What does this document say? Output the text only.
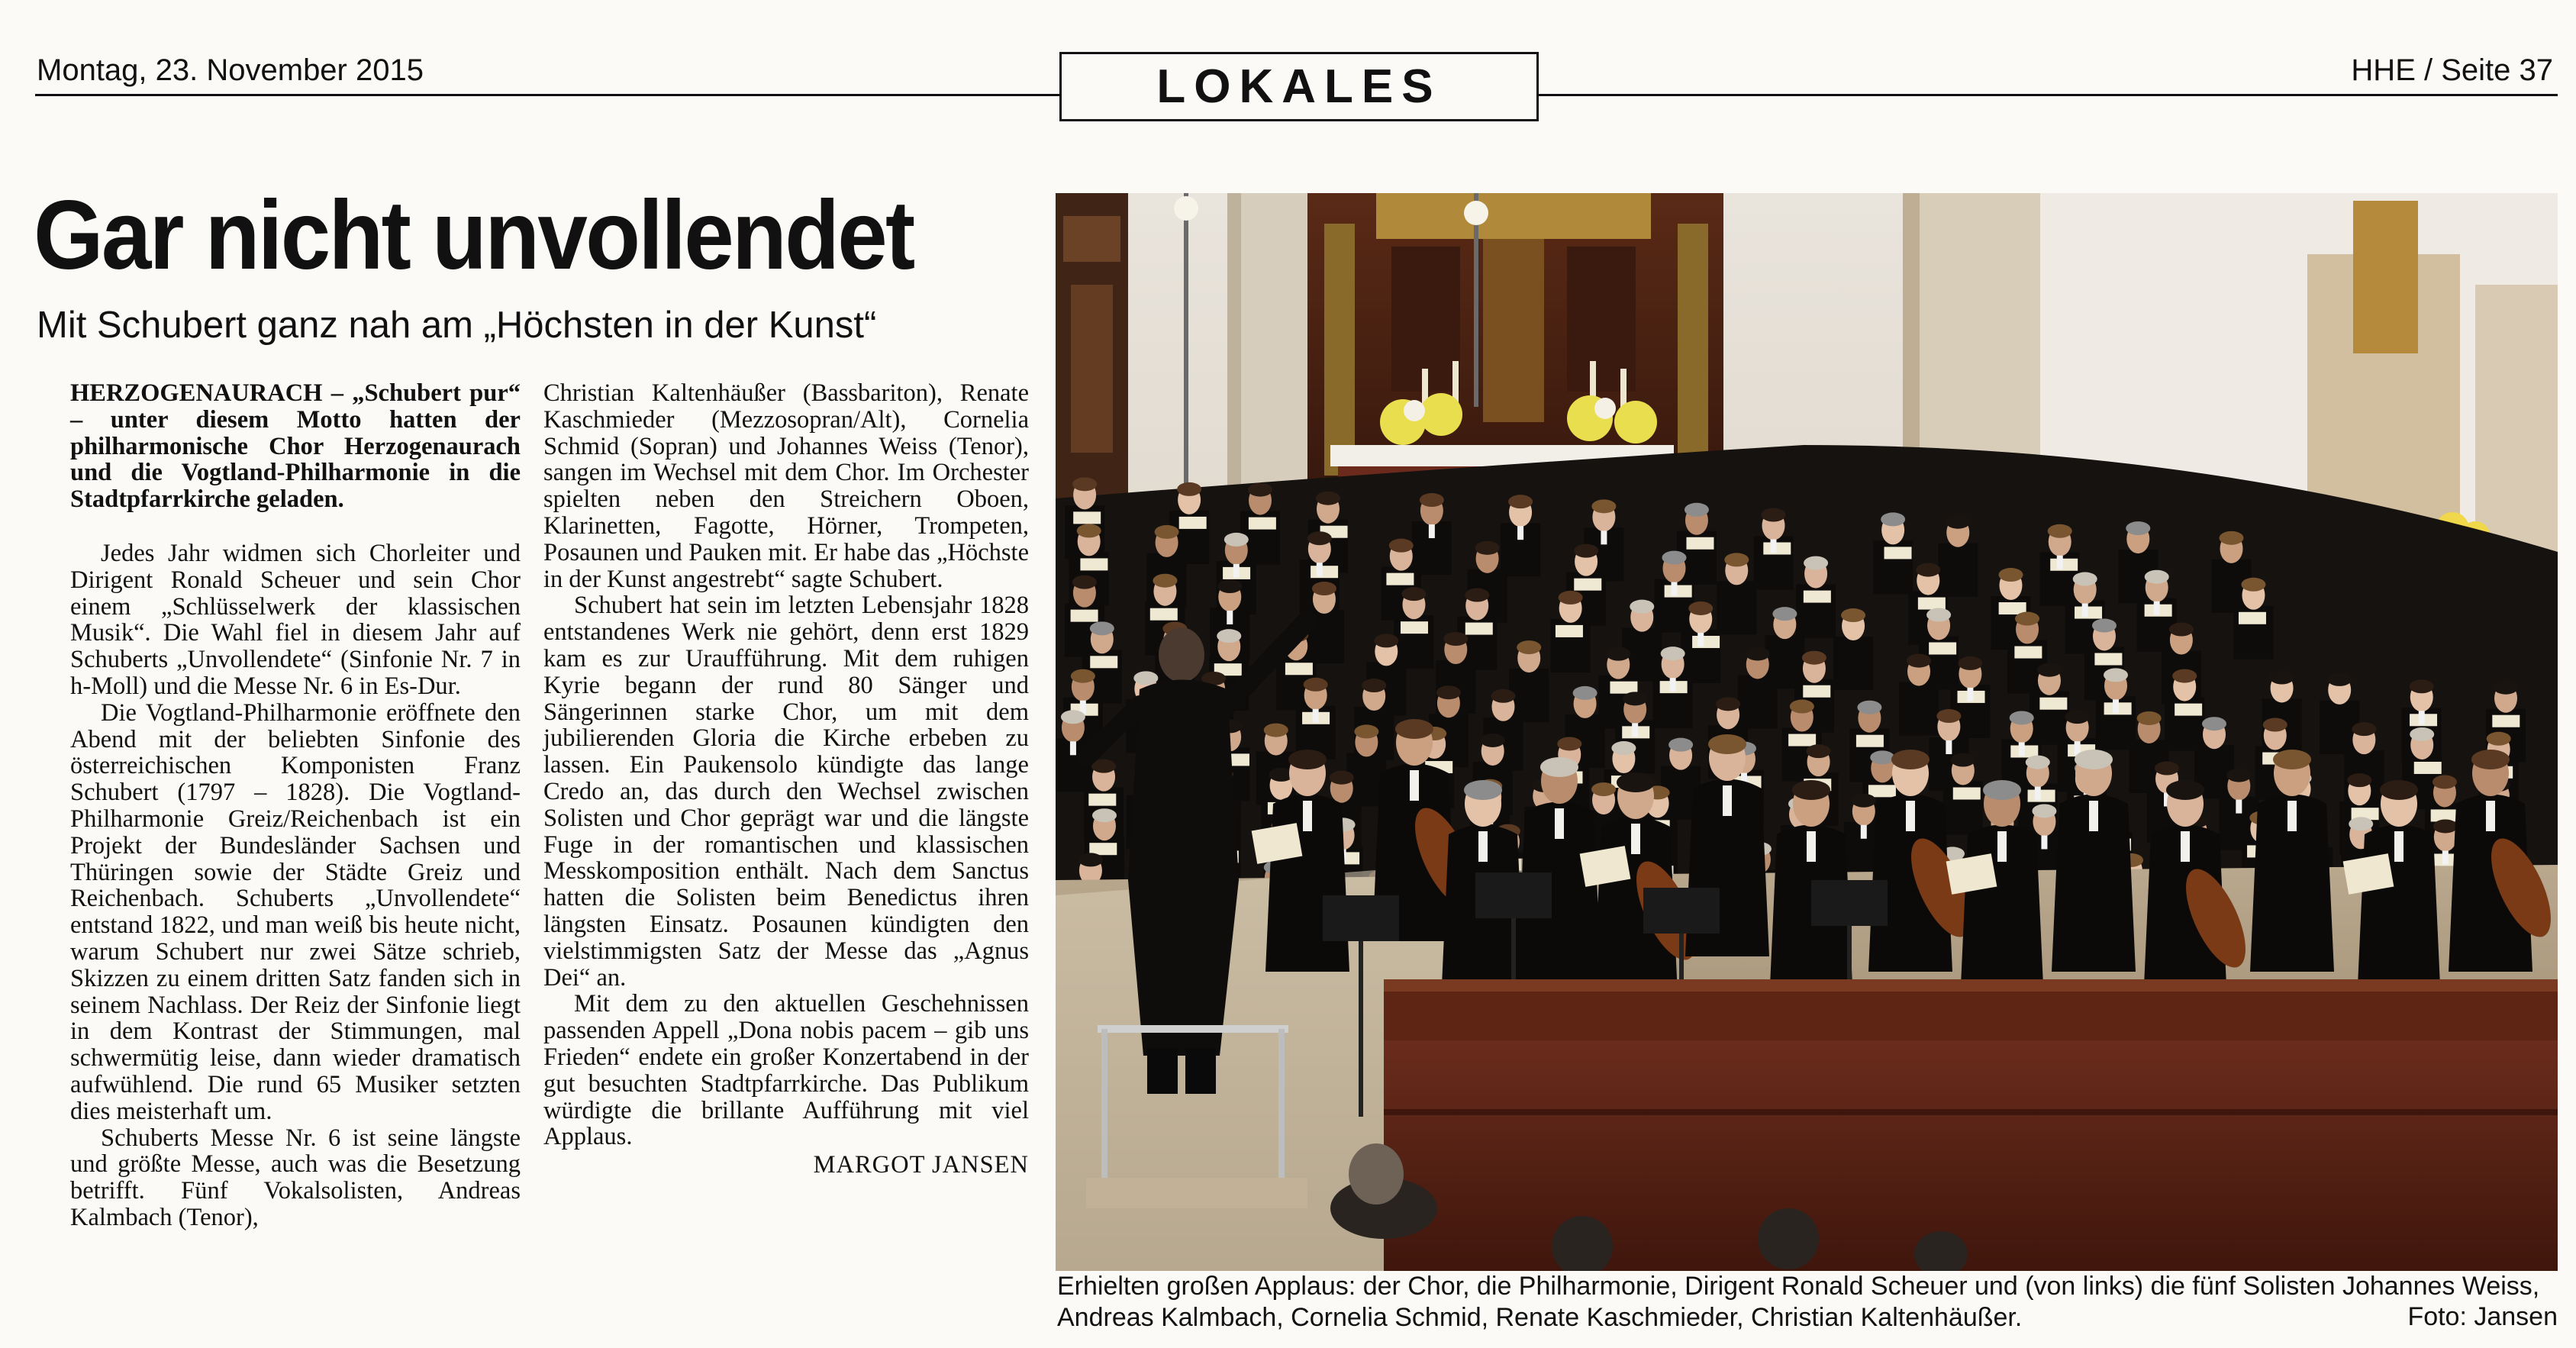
Montag, 23. November 2015	LOKALES	HHE / Seite 37
Gar nicht unvollendet
Mit Schubert ganz nah am „Höchsten in der Kunst“

HERZOGENAURACH – „Schubert pur“ – unter diesem Motto hatten der philharmonische Chor Herzogenaurach und die Vogtland-Philharmonie in die Stadtpfarrkirche geladen.

Jedes Jahr widmen sich Chorleiter und Dirigent Ronald Scheuer und sein Chor einem „Schlüsselwerk der klassischen Musik“. Die Wahl fiel in diesem Jahr auf Schuberts „Unvollendete“ (Sinfonie Nr. 7 in h-Moll) und die Messe Nr. 6 in Es-Dur.

Die Vogtland-Philharmonie eröffnete den Abend mit der beliebten Sinfonie des österreichischen Komponisten Franz Schubert (1797 – 1828). Die Vogtland-Philharmonie Greiz/Reichenbach ist ein Projekt der Bundesländer Sachsen und Thüringen sowie der Städte Greiz und Reichenbach. Schuberts „Unvollendete“ entstand 1822, und man weiß bis heute nicht, warum Schubert nur zwei Sätze schrieb, Skizzen zu einem dritten Satz fanden sich in seinem Nachlass. Der Reiz der Sinfonie liegt in dem Kontrast der Stimmungen, mal schwermütig leise, dann wieder dramatisch aufwühlend. Die rund 65 Musiker setzten dies meisterhaft um.

Schuberts Messe Nr. 6 ist seine längste und größte Messe, auch was die Besetzung betrifft. Fünf Vokalsolisten, Andreas Kalmbach (Tenor),

Christian Kaltenhäußer (Bassbariton), Renate Kaschmieder (Mezzosopran/Alt), Cornelia Schmid (Sopran) und Johannes Weiss (Tenor), sangen im Wechsel mit dem Chor. Im Orchester spielten neben den Streichern Oboen, Klarinetten, Fagotte, Hörner, Trompeten, Posaunen und Pauken mit. Er habe das „Höchste in der Kunst angestrebt“ sagte Schubert.

Schubert hat sein im letzten Lebensjahr 1828 entstandenes Werk nie gehört, denn erst 1829 kam es zur Uraufführung. Mit dem ruhigen Kyrie begann der rund 80 Sänger und Sängerinnen starke Chor, um mit dem jubilierenden Gloria die Kirche erbeben zu lassen. Ein Paukensolo kündigte das lange Credo an, das durch den Wechsel zwischen Solisten und Chor geprägt war und die längste Fuge in der romantischen und klassischen Messkomposition enthält. Nach dem Sanctus hatten die Solisten beim Benedictus ihren längsten Einsatz. Posaunen kündigten den vielstimmigsten Satz der Messe das „Agnus Dei“ an.

Mit dem zu den aktuellen Geschehnissen passenden Appell „Dona nobis pacem – gib uns Frieden“ endete ein großer Konzertabend in der gut besuchten Stadtpfarrkirche. Das Publikum würdigte die brillante Aufführung mit viel Applaus.

MARGOT JANSEN
Erhielten großen Applaus: der Chor, die Philharmonie, Dirigent Ronald Scheuer und (von links) die fünf Solisten Johannes Weiss, Andreas Kalmbach, Cornelia Schmid, Renate Kaschmieder, Christian Kaltenhäußer.	Foto: Jansen
